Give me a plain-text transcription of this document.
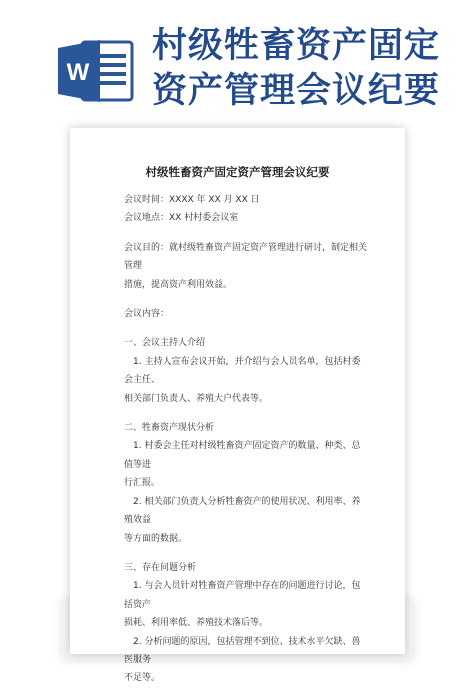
W
村级牲畜资产固定
资产管理会议纪要
村级牲畜资产固定资产管理会议纪要

会议时间：XXXX 年 XX 月 XX 日

会议地点：XX 村村委会议室

会议目的：就村级牲畜资产固定资产管理进行研讨，制定相关管理

措施，提高资产利用效益。

会议内容：

一、会议主持人介绍

1. 主持人宣布会议开始，并介绍与会人员名单，包括村委会主任、

相关部门负责人、养殖大户代表等。

二、牲畜资产现状分析

1. 村委会主任对村级牲畜资产固定资产的数量、种类、总值等进

行汇报。

2. 相关部门负责人分析牲畜资产的使用状况、利用率、养殖效益

等方面的数据。

三、存在问题分析

1. 与会人员针对牲畜资产管理中存在的问题进行讨论，包括资产

损耗、利用率低、养殖技术落后等。

2. 分析问题的原因，包括管理不到位、技术水平欠缺、兽医服务

不足等。
